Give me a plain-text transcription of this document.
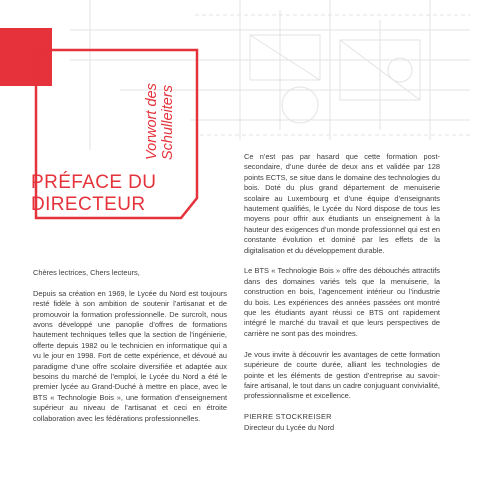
Vorwort des Schulleiters
PRÉFACE DU
DIRECTEUR

Chères lectrices, Chers lecteurs,

Depuis sa création en 1969, le Lycée du Nord est toujours resté fidèle à son ambition de soutenir l’artisanat et de promouvoir la formation professionnelle. De surcroît, nous avons développé une panoplie d’offres de formations hautement techniques telles que la section de l’ingénierie, offerte depuis 1982 ou le technicien en informatique qui a vu le jour en 1998. Fort de cette expérience, et dévoué au paradigme d’une offre scolaire diversifiée et adaptée aux besoins du marché de l’emploi, le Lycée du Nord a été le premier lycée au Grand-Duché à mettre en place, avec le BTS « Technologie Bois », une formation d’enseignement supérieur au niveau de l’artisanat et ceci en étroite collaboration avec les fédérations professionnelles.

Ce n’est pas par hasard que cette formation post-secondaire, d’une durée de deux ans et validée par 128 points ECTS, se situe dans le domaine des technologies du bois. Doté du plus grand département de menuiserie scolaire au Luxembourg et d’une équipe d’enseignants hautement qualifiés, le Lycée du Nord dispose de tous les moyens pour offrir aux étudiants un enseignement à la hauteur des exigences d’un monde professionnel qui est en constante évolution et dominé par les effets de la digitalisation et du développement durable.

Le BTS « Technologie Bois » offre des débouchés attractifs dans des domaines variés tels que la menuiserie, la construction en bois, l’agencement intérieur ou l’industrie du bois. Les expériences des années passées ont montré que les étudiants ayant réussi ce BTS ont rapidement intégré le marché du travail et que leurs perspectives de carrière ne sont pas des moindres.

Je vous invite à découvrir les avantages de cette formation supérieure de courte durée, alliant les technologies de pointe et les éléments de gestion d’entreprise au savoir-faire artisanal, le tout dans un cadre conjuguant convivialité, professionnalisme et excellence.

PIERRE STOCKREISER
Directeur du Lycée du Nord
